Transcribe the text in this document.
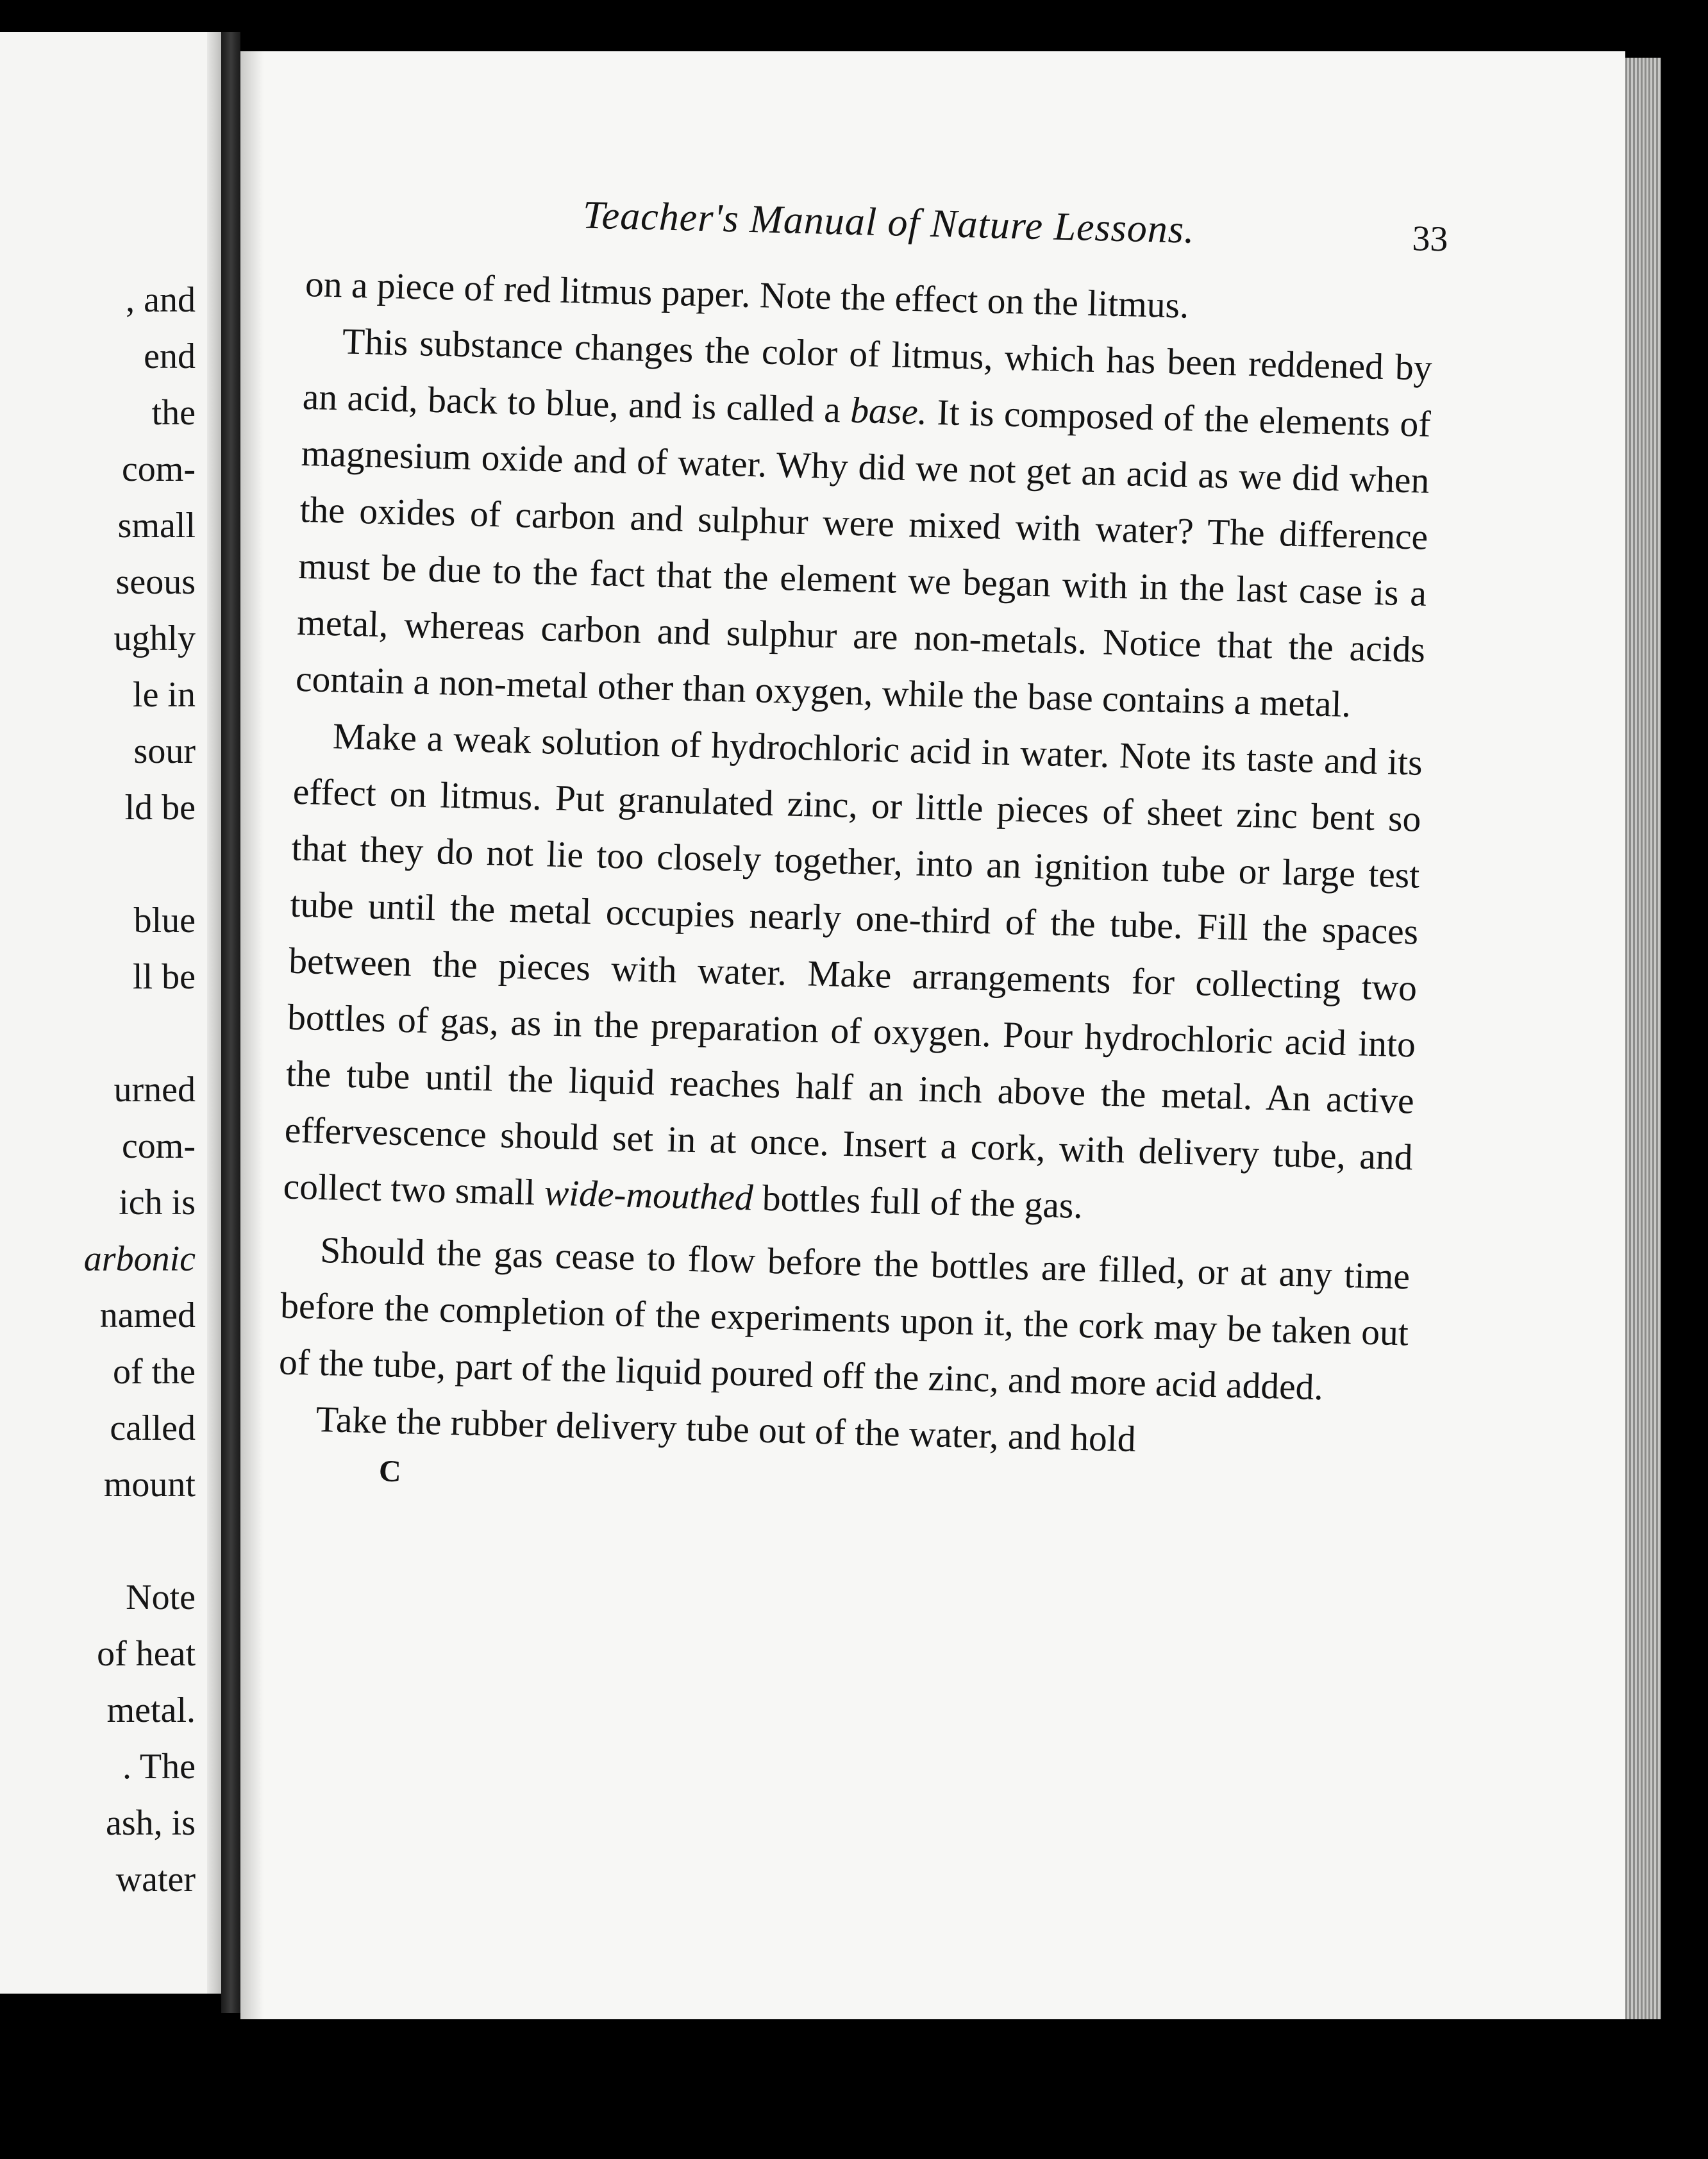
, and
end
the
com-
small
seous
ughly
le in
sour
ld be
blue
ll be
urned
com-
ich is
arbonic
named
of the
called
mount
Note
of heat
metal.
. The
ash, is
water
Teacher's Manual of Nature Lessons.	33

on a piece of red litmus paper. Note the effect on the litmus.

This substance changes the color of litmus, which has been reddened by an acid, back to blue, and is called a base. It is composed of the elements of magnesium oxide and of water. Why did we not get an acid as we did when the oxides of carbon and sulphur were mixed with water? The difference must be due to the fact that the element we began with in the last case is a metal, whereas carbon and sulphur are non-metals. Notice that the acids contain a non-metal other than oxygen, while the base contains a metal.

Make a weak solution of hydrochloric acid in water. Note its taste and its effect on litmus. Put granulated zinc, or little pieces of sheet zinc bent so that they do not lie too closely together, into an ignition tube or large test tube until the metal occupies nearly one-third of the tube. Fill the spaces between the pieces with water. Make arrangements for collecting two bottles of gas, as in the preparation of oxygen. Pour hydrochloric acid into the tube until the liquid reaches half an inch above the metal. An active effervescence should set in at once. Insert a cork, with delivery tube, and collect two small wide-mouthed bottles full of the gas.

Should the gas cease to flow before the bottles are filled, or at any time before the completion of the experiments upon it, the cork may be taken out of the tube, part of the liquid poured off the zinc, and more acid added.

Take the rubber delivery tube out of the water, and hold

C
